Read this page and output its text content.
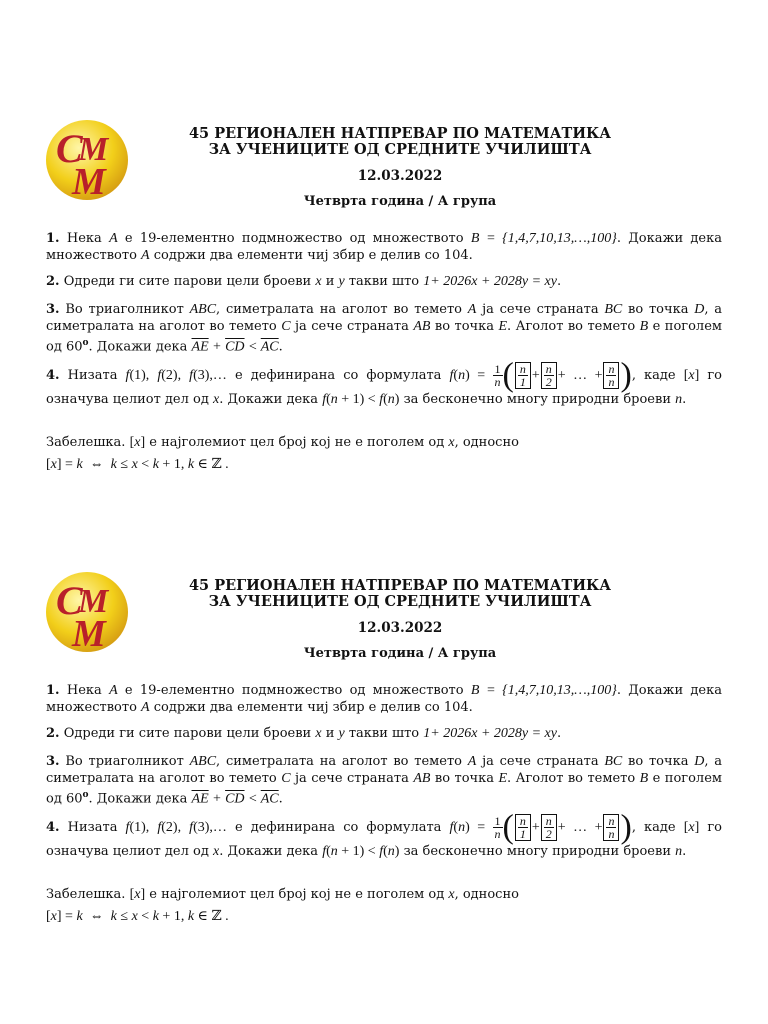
C
M
M
45 РЕГИОНАЛЕН НАТПРЕВАР ПО МАТЕМАТИКА
ЗА УЧЕНИЦИТЕ ОД СРЕДНИТЕ УЧИЛИШТА
12.03.2022
Четврта година / А група
1. Нека A е 19-елементно подмножество од множеството B = {1,4,7,10,13,…,100}. Докажи дека множеството A содржи два елементи чиј збир е делив со 104.
2. Одреди ги сите парови цели броеви x и y такви што 1+ 2026x + 2028y = xy.
3. Во триаголникот ABC, симетралата на аголот во темето A ја сече страната BC во точка D, а симетралата на аголот во темето C ја сече страната AB во точка E. Аголот во темето B е поголем од 60$^o$. Докажи дека $\overline{AE} + \overline{CD} < \overline{AC}$.
4. Низата f(1), f(2), f(3),… е дефинирана со формулата $f(n) = \frac{1}{n}$ ( $\frac{n}{1} + \frac{n}{2}$ + … + $\frac{n}{n}$ ), каде [x] го означува целиот дел од x. Докажи дека f(n + 1) < f(n) за бесконечно многу природни броеви n.
Забелешка. [x] е најголемиот цел број кој не е поголем од x, односно
[x] = k  ⇔  k ≤ x < k + 1, k ∈ ℤ .
C
M
M
45 РЕГИОНАЛЕН НАТПРЕВАР ПО МАТЕМАТИКА
ЗА УЧЕНИЦИТЕ ОД СРЕДНИТЕ УЧИЛИШТА
12.03.2022
Четврта година / А група
1. Нека A е 19-елементно подмножество од множеството B = {1,4,7,10,13,…,100}. Докажи дека множеството A содржи два елементи чиј збир е делив со 104.
2. Одреди ги сите парови цели броеви x и y такви што 1+ 2026x + 2028y = xy.
3. Во триаголникот ABC, симетралата на аголот во темето A ја сече страната BC во точка D, а симетралата на аголот во темето C ја сече страната AB во точка E. Аголот во темето B е поголем од 60$^o$. Докажи дека $\overline{AE} + \overline{CD} < \overline{AC}$.
4. Низата f(1), f(2), f(3),… е дефинирана со формулата $f(n) = \frac{1}{n}$ ( $\frac{n}{1} + \frac{n}{2}$ + … + $\frac{n}{n}$ ), каде [x] го означува целиот дел од x. Докажи дека f(n + 1) < f(n) за бесконечно многу природни броеви n.
Забелешка. [x] е најголемиот цел број кој не е поголем од x, односно
[x] = k  ⇔  k ≤ x < k + 1, k ∈ ℤ .
